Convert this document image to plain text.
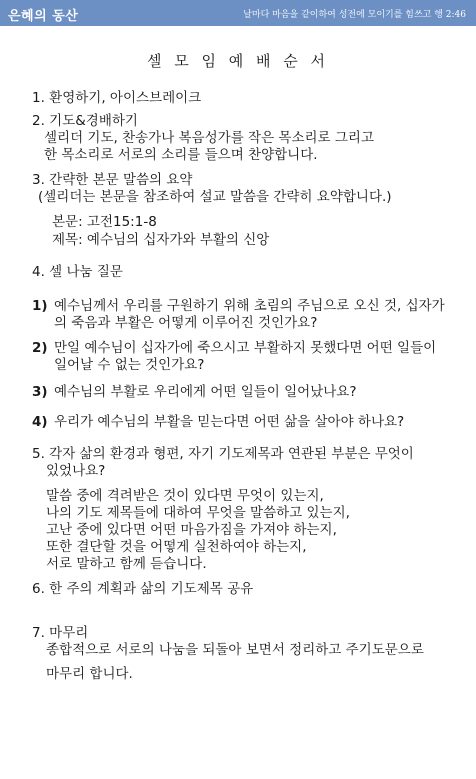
은혜의 동산	날마다 마음을 같이하여 성전에 모이기를 힘쓰고 행 2:46
셀 모 임 예 배 순 서
1. 환영하기, 아이스브레이크
2. 기도&경배하기
셀리더 기도, 찬송가나 복음성가를 작은 목소리로 그리고
한 목소리로 서로의 소리를 들으며 찬양합니다.
3. 간략한 본문 말씀의 요약
(셀리더는 본문을 참조하여 설교 말씀을 간략히 요약합니다.)
본문: 고전15:1-8
제목: 예수님의 십자가와 부활의 신앙
4. 셀 나눔 질문
1) 예수님께서 우리를 구원하기 위해 초림의 주님으로 오신 것, 십자가
의 죽음과 부활은 어떻게 이루어진 것인가요?
2) 만일 예수님이 십자가에 죽으시고 부활하지 못했다면 어떤 일들이
일어날 수 없는 것인가요?
3) 예수님의 부활로 우리에게 어떤 일들이 일어났나요?
4) 우리가 예수님의 부활을 믿는다면 어떤 삶을 살아야 하나요?
5. 각자 삶의 환경과 형편, 자기 기도제목과 연관된 부분은 무엇이
있었나요?
말씀 중에 격려받은 것이 있다면 무엇이 있는지,
나의 기도 제목들에 대하여 무엇을 말씀하고 있는지,
고난 중에 있다면 어떤 마음가짐을 가져야 하는지,
또한 결단할 것을 어떻게 실천하여야 하는지,
서로 말하고 함께 듣습니다.
6. 한 주의 계획과 삶의 기도제목 공유
7. 마무리
종합적으로 서로의 나눔을 되돌아 보면서 정리하고 주기도문으로
마무리 합니다.
